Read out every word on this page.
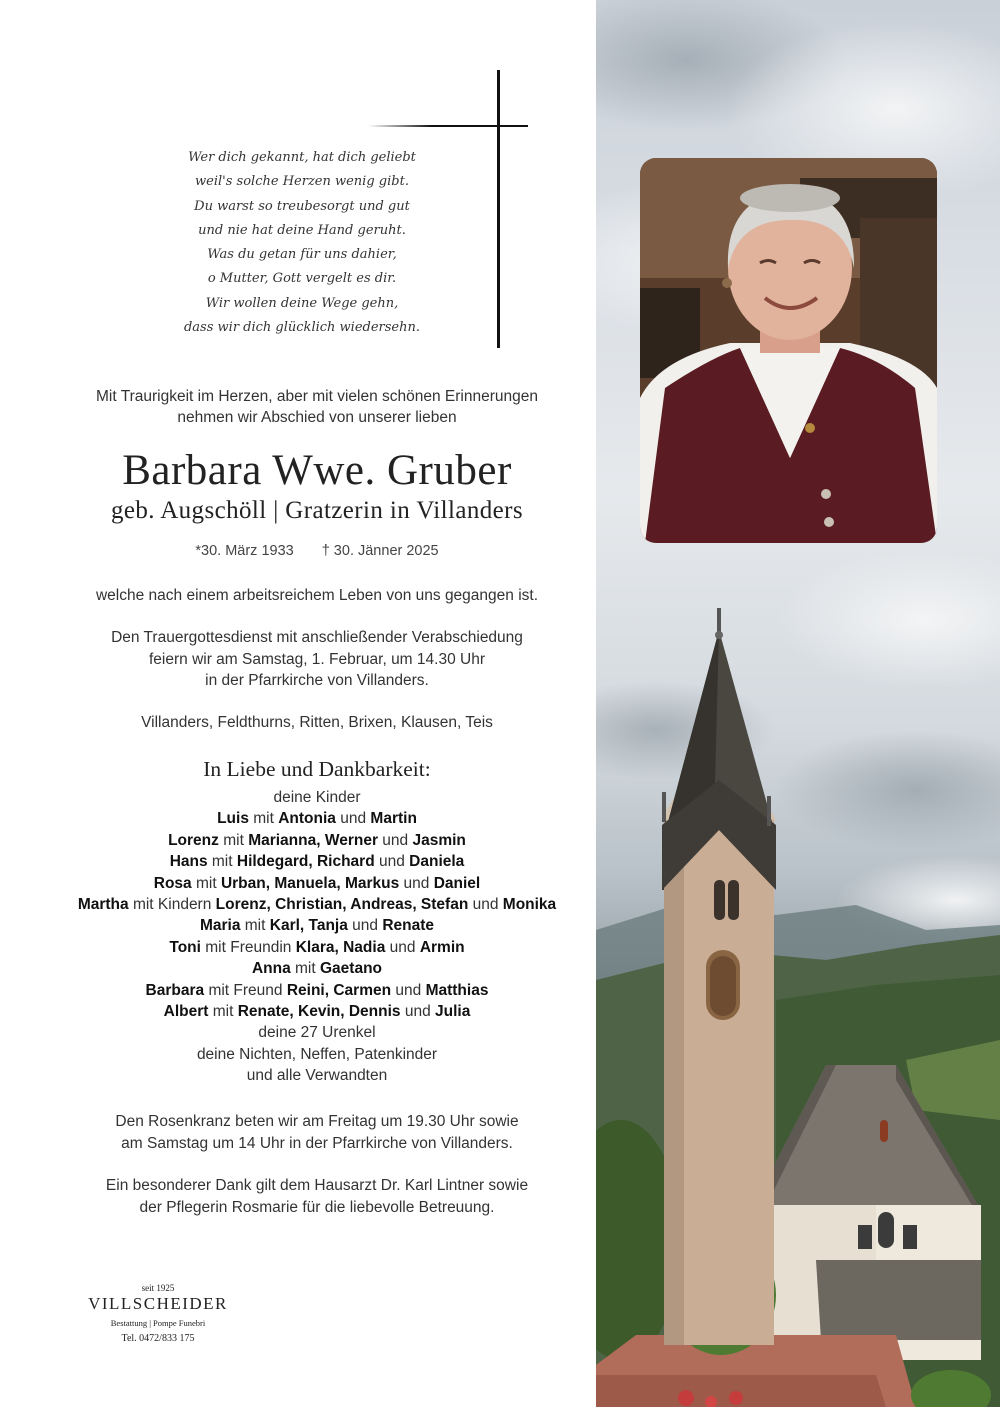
Wer dich gekannt, hat dich geliebt
weil's solche Herzen wenig gibt.
Du warst so treubesorgt und gut
und nie hat deine Hand geruht.
Was du getan für uns dahier,
o Mutter, Gott vergelt es dir.
Wir wollen deine Wege gehn,
dass wir dich glücklich wiedersehn.
Mit Traurigkeit im Herzen, aber mit vielen schönen Erinnerungen
nehmen wir Abschied von unserer lieben
Barbara Wwe. Gruber
geb. Augschöll | Gratzerin in Villanders
*30. März 1933 † 30. Jänner 2025
welche nach einem arbeitsreichem Leben von uns gegangen ist.
Den Trauergottesdienst mit anschließender Verabschiedung
feiern wir am Samstag, 1. Februar, um 14.30 Uhr
in der Pfarrkirche von Villanders.
Villanders, Feldthurns, Ritten, Brixen, Klausen, Teis
In Liebe und Dankbarkeit:
deine Kinder
Luis mit Antonia und Martin
Lorenz mit Marianna, Werner und Jasmin
Hans mit Hildegard, Richard und Daniela
Rosa mit Urban, Manuela, Markus und Daniel
Martha mit Kindern Lorenz, Christian, Andreas, Stefan und Monika
Maria mit Karl, Tanja und Renate
Toni mit Freundin Klara, Nadia und Armin
Anna mit Gaetano
Barbara mit Freund Reini, Carmen und Matthias
Albert mit Renate, Kevin, Dennis und Julia
deine 27 Urenkel
deine Nichten, Neffen, Patenkinder
und alle Verwandten
Den Rosenkranz beten wir am Freitag um 19.30 Uhr sowie
am Samstag um 14 Uhr in der Pfarrkirche von Villanders.
Ein besonderer Dank gilt dem Hausarzt Dr. Karl Lintner sowie
der Pflegerin Rosmarie für die liebevolle Betreuung.
seit 1925
VILLSCHEIDER
Bestattung | Pompe Funebri
Tel. 0472/833 175
